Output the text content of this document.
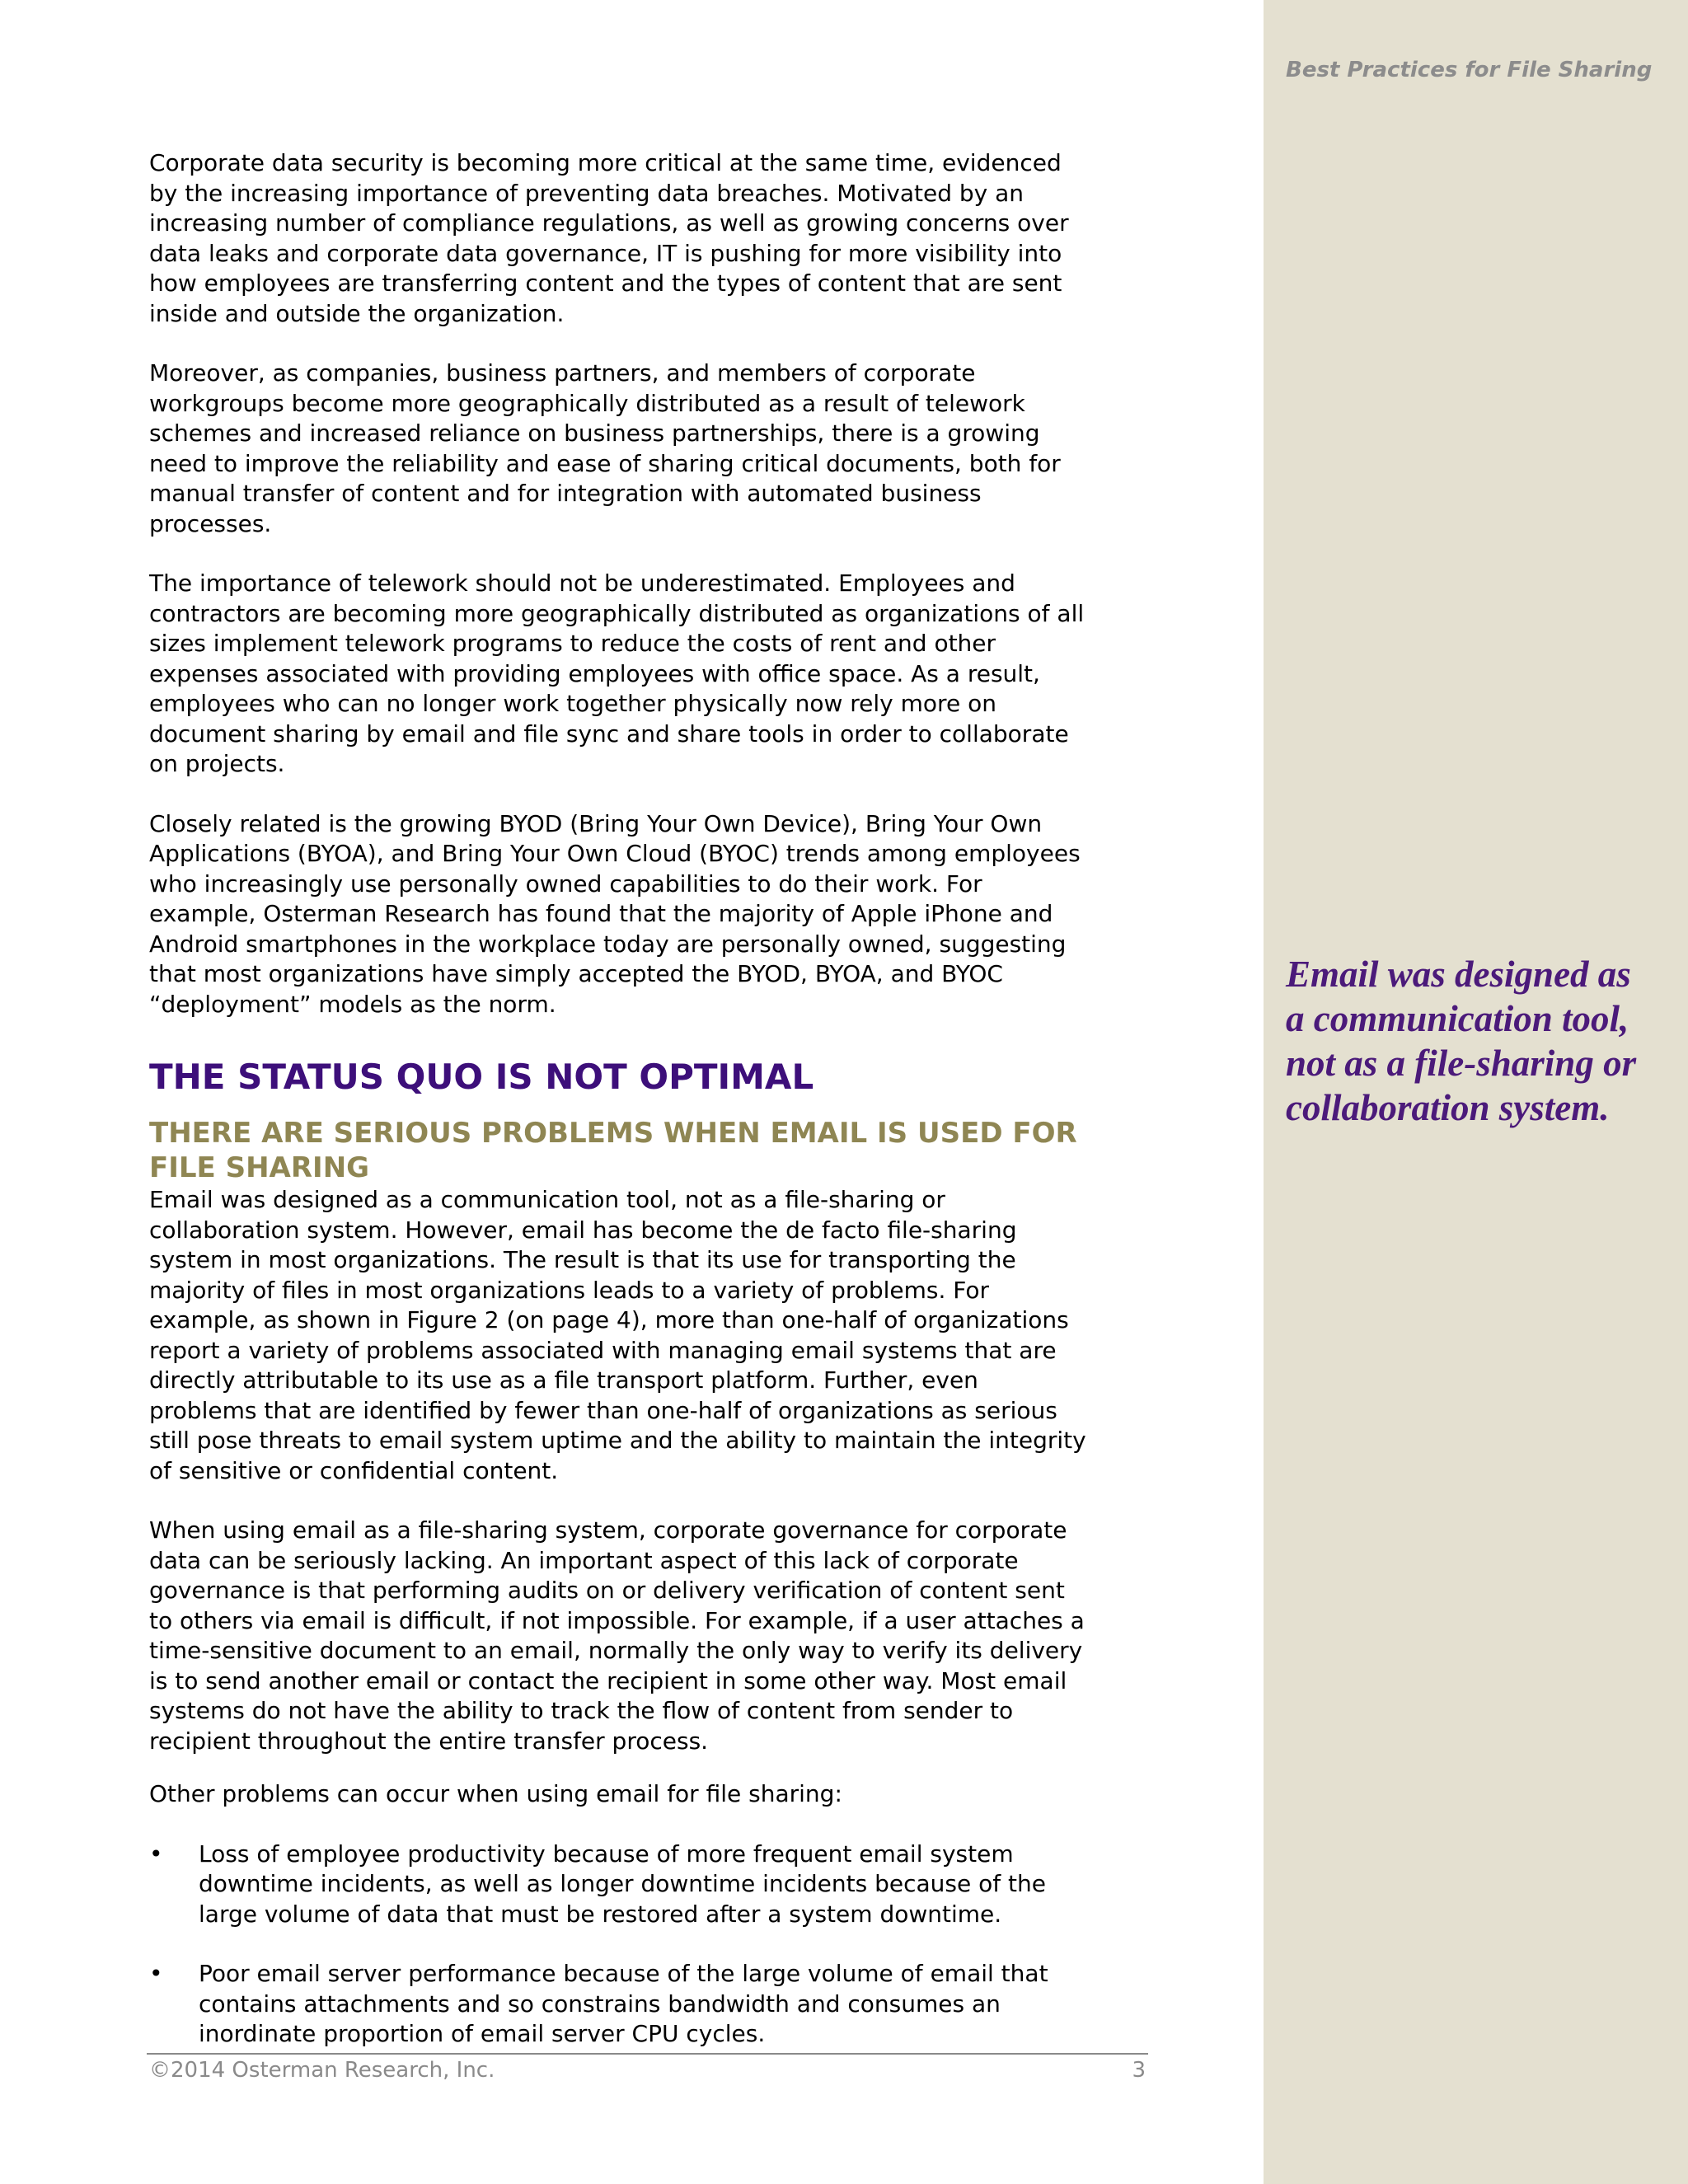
Best Practices for File Sharing

Email was designed as a communication tool, not as a file-sharing or collaboration system.

Corporate data security is becoming more critical at the same time, evidenced by the increasing importance of preventing data breaches. Motivated by an increasing number of compliance regulations, as well as growing concerns over data leaks and corporate data governance, IT is pushing for more visibility into how employees are transferring content and the types of content that are sent inside and outside the organization.

Moreover, as companies, business partners, and members of corporate workgroups become more geographically distributed as a result of telework schemes and increased reliance on business partnerships, there is a growing need to improve the reliability and ease of sharing critical documents, both for manual transfer of content and for integration with automated business processes.

The importance of telework should not be underestimated. Employees and contractors are becoming more geographically distributed as organizations of all sizes implement telework programs to reduce the costs of rent and other expenses associated with providing employees with office space. As a result, employees who can no longer work together physically now rely more on document sharing by email and file sync and share tools in order to collaborate on projects.

Closely related is the growing BYOD (Bring Your Own Device), Bring Your Own Applications (BYOA), and Bring Your Own Cloud (BYOC) trends among employees who increasingly use personally owned capabilities to do their work. For example, Osterman Research has found that the majority of Apple iPhone and Android smartphones in the workplace today are personally owned, suggesting that most organizations have simply accepted the BYOD, BYOA, and BYOC “deployment” models as the norm.

THE STATUS QUO IS NOT OPTIMAL
THERE ARE SERIOUS PROBLEMS WHEN EMAIL IS USED FOR FILE SHARING

Email was designed as a communication tool, not as a file-sharing or collaboration system. However, email has become the de facto file-sharing system in most organizations. The result is that its use for transporting the majority of files in most organizations leads to a variety of problems. For example, as shown in Figure 2 (on page 4), more than one-half of organizations report a variety of problems associated with managing email systems that are directly attributable to its use as a file transport platform. Further, even problems that are identified by fewer than one-half of organizations as serious still pose threats to email system uptime and the ability to maintain the integrity of sensitive or confidential content.

When using email as a file-sharing system, corporate governance for corporate data can be seriously lacking. An important aspect of this lack of corporate governance is that performing audits on or delivery verification of content sent to others via email is difficult, if not impossible. For example, if a user attaches a time-sensitive document to an email, normally the only way to verify its delivery is to send another email or contact the recipient in some other way. Most email systems do not have the ability to track the flow of content from sender to recipient throughout the entire transfer process.

Other problems can occur when using email for file sharing:

• Loss of employee productivity because of more frequent email system downtime incidents, as well as longer downtime incidents because of the large volume of data that must be restored after a system downtime.
• Poor email server performance because of the large volume of email that contains attachments and so constrains bandwidth and consumes an inordinate proportion of email server CPU cycles.
©2014 Osterman Research, Inc.	3
